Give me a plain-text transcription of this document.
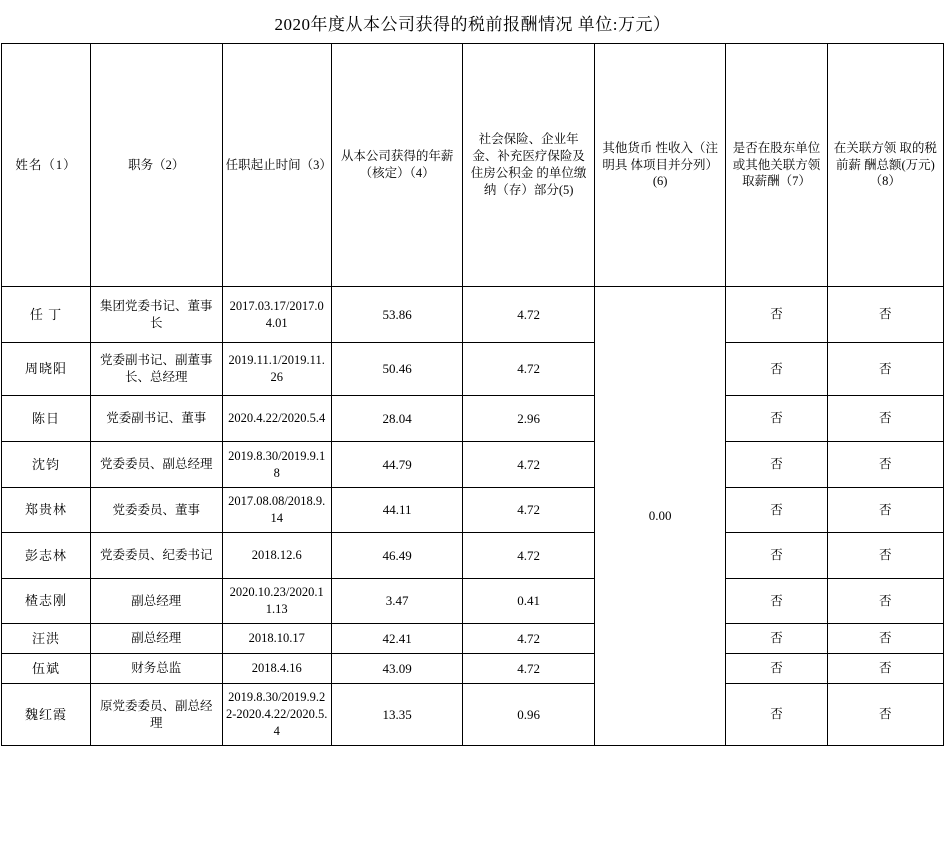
2020年度从本公司获得的税前报酬情况 单位:万元）
姓名（1）	职务（2）	任职起止时间（3）	从本公司获得的年薪（核定）（4）	社会保险、企业年金、补充医疗保险及 住房公积金 的单位缴纳（存）部分(5)	其他货币 性收入（注明具 体项目并分列）(6)	是否在股东单位或其他关联方领取薪酬（7）	在关联方领 取的税前薪 酬总额(万元)（8）
任 丁	集团党委书记、董事长	2017.03.17/2017.04.01	53.86	4.72	0.00	否	否
周晓阳	党委副书记、副董事长、总经理	2019.11.1/2019.11.26	50.46	4.72		否	否
陈日	党委副书记、董事	2020.4.22/2020.5.4	28.04	2.96		否	否
沈钧	党委委员、副总经理	2019.8.30/2019.9.18	44.79	4.72		否	否
郑贵林	党委委员、董事	2017.08.08/2018.9.14	44.11	4.72		否	否
彭志林	党委委员、纪委书记	2018.12.6	46.49	4.72		否	否
楂志刚	副总经理	2020.10.23/2020.11.13	3.47	0.41		否	否
汪洪	副总经理	2018.10.17	42.41	4.72		否	否
伍斌	财务总监	2018.4.16	43.09	4.72		否	否
魏红霞	原党委委员、副总经理	2019.8.30/2019.9.22-2020.4.22/2020.5.4	13.35	0.96		否	否
